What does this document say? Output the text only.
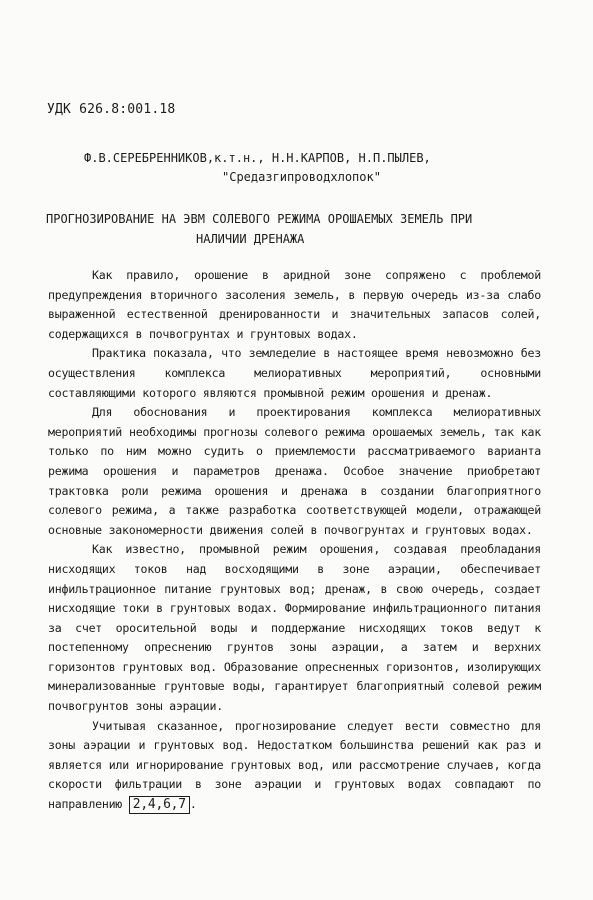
УДК 626.8:001.18
Ф.В.СЕРЕБРЕННИКОВ,к.т.н., Н.Н.КАРПОВ, Н.П.ПЫЛЕВ,
"Средазгипроводхлопок"
ПРОГНОЗИРОВАНИЕ НА ЭВМ СОЛЕВОГО РЕЖИМА ОРОШАЕМЫХ ЗЕМЕЛЬ ПРИ
НАЛИЧИИ ДРЕНАЖА

Как правило, орошение в аридной зоне сопряжено с проблемой предупреждения вторичного засоления земель, в первую очередь из-за слабо выраженной естественной дренированности и значительных запасов солей, содержащихся в почвогрунтах и грунтовых водах.

Практика показала, что земледелие в настоящее время невозможно без осуществления комплекса мелиоративных мероприятий, основными составляющими которого являются промывной режим орошения и дренаж.

Для обоснования и проектирования комплекса мелиоративных мероприятий необходимы прогнозы солевого режима орошаемых земель, так как только по ним можно судить о приемлемости рассматриваемого варианта режима орошения и параметров дренажа. Особое значение приобретают трактовка роли режима орошения и дренажа в создании благоприятного солевого режима, а также разработка соответствующей модели, отражающей основные закономерности движения солей в почвогрунтах и грунтовых водах.

Как известно, промывной режим орошения, создавая преобладания нисходящих токов над восходящими в зоне аэрации, обеспечивает инфильтрационное питание грунтовых вод; дренаж, в свою очередь, создает нисходящие токи в грунтовых водах. Формирование инфильтрационного питания за счет оросительной воды и поддержание нисходящих токов ведут к постепенному опреснению грунтов зоны аэрации, а затем и верхних горизонтов грунтовых вод. Образование опресненных горизонтов, изолирующих минерализованные грунтовые воды, гарантирует благоприятный солевой режим почвогрунтов зоны аэрации.

Учитывая сказанное, прогнозирование следует вести совместно для зоны аэрации и грунтовых вод. Недостатком большинства решений как раз и является или игнорирование грунтовых вод, или рассмотрение случаев, когда скорости фильтрации в зоне аэрации и грунтовых водах совпадают по направлению 2,4,6,7 .
